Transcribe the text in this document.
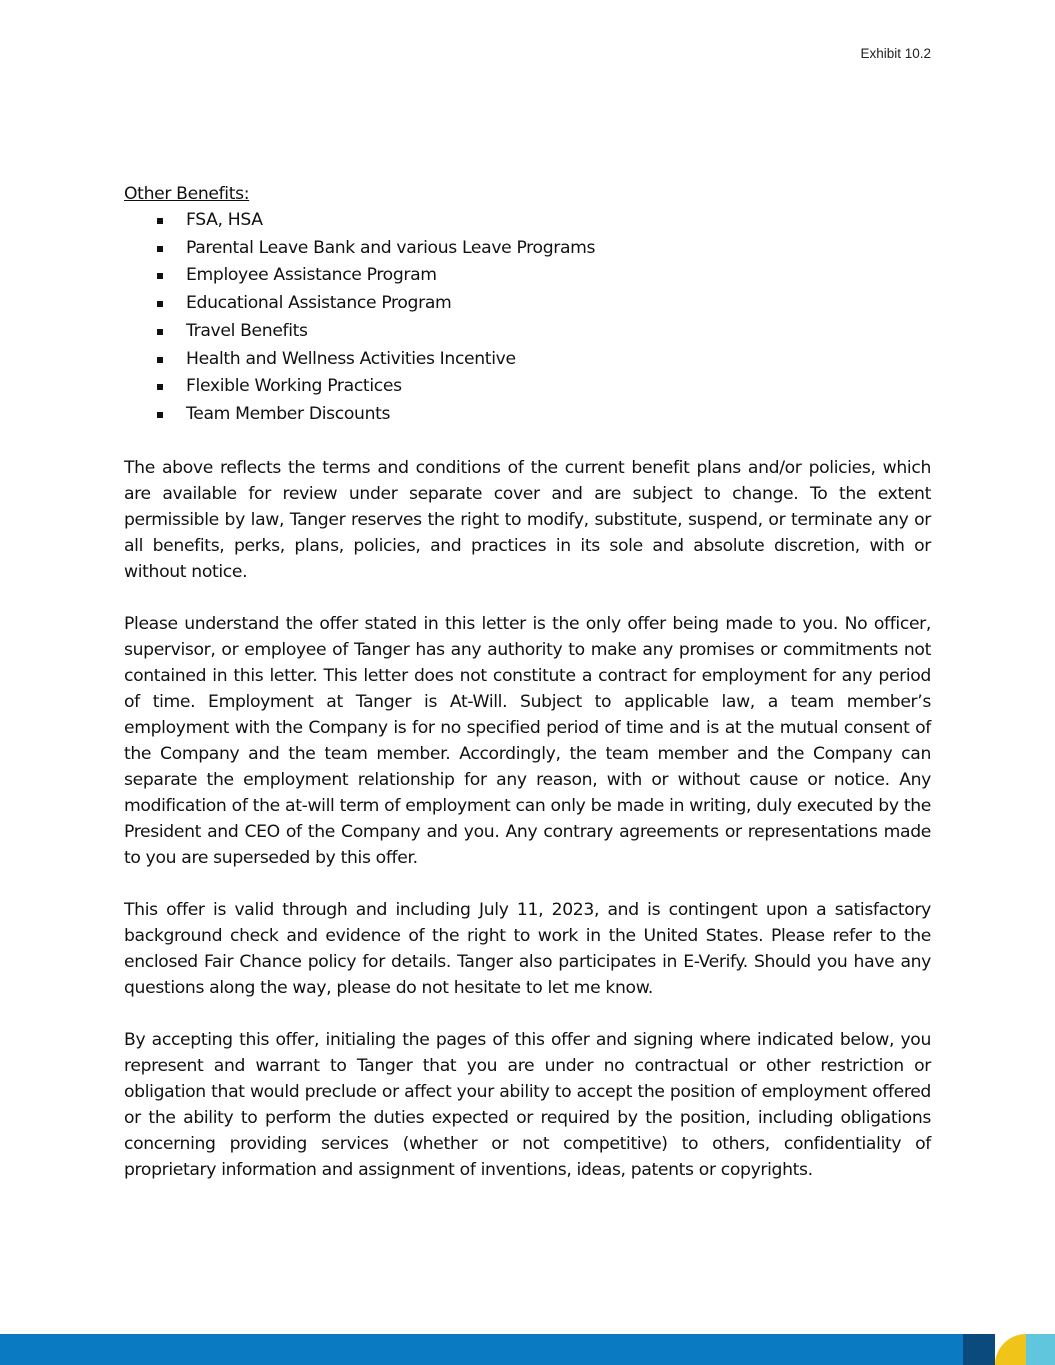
Exhibit 10.2
Other Benefits:
FSA, HSA
Parental Leave Bank and various Leave Programs
Employee Assistance Program
Educational Assistance Program
Travel Benefits
Health and Wellness Activities Incentive
Flexible Working Practices
Team Member Discounts

The above reflects the terms and conditions of the current benefit plans and/or policies, which are available for review under separate cover and are subject to change. To the extent permissible by law, Tanger reserves the right to modify, substitute, suspend, or terminate any or all benefits, perks, plans, policies, and practices in its sole and absolute discretion, with or without notice.

Please understand the offer stated in this letter is the only offer being made to you. No officer, supervisor, or employee of Tanger has any authority to make any promises or commitments not contained in this letter. This letter does not constitute a contract for employment for any period of time. Employment at Tanger is At-Will. Subject to applicable law, a team member’s employment with the Company is for no specified period of time and is at the mutual consent of the Company and the team member. Accordingly, the team member and the Company can separate the employment relationship for any reason, with or without cause or notice. Any modification of the at-will term of employment can only be made in writing, duly executed by the President and CEO of the Company and you. Any contrary agreements or representations made to you are superseded by this offer.

This offer is valid through and including July 11, 2023, and is contingent upon a satisfactory background check and evidence of the right to work in the United States. Please refer to the enclosed Fair Chance policy for details. Tanger also participates in E-Verify. Should you have any questions along the way, please do not hesitate to let me know.

By accepting this offer, initialing the pages of this offer and signing where indicated below, you represent and warrant to Tanger that you are under no contractual or other restriction or obligation that would preclude or affect your ability to accept the position of employment offered or the ability to perform the duties expected or required by the position, including obligations concerning providing services (whether or not competitive) to others, confidentiality of proprietary information and assignment of inventions, ideas, patents or copyrights.
